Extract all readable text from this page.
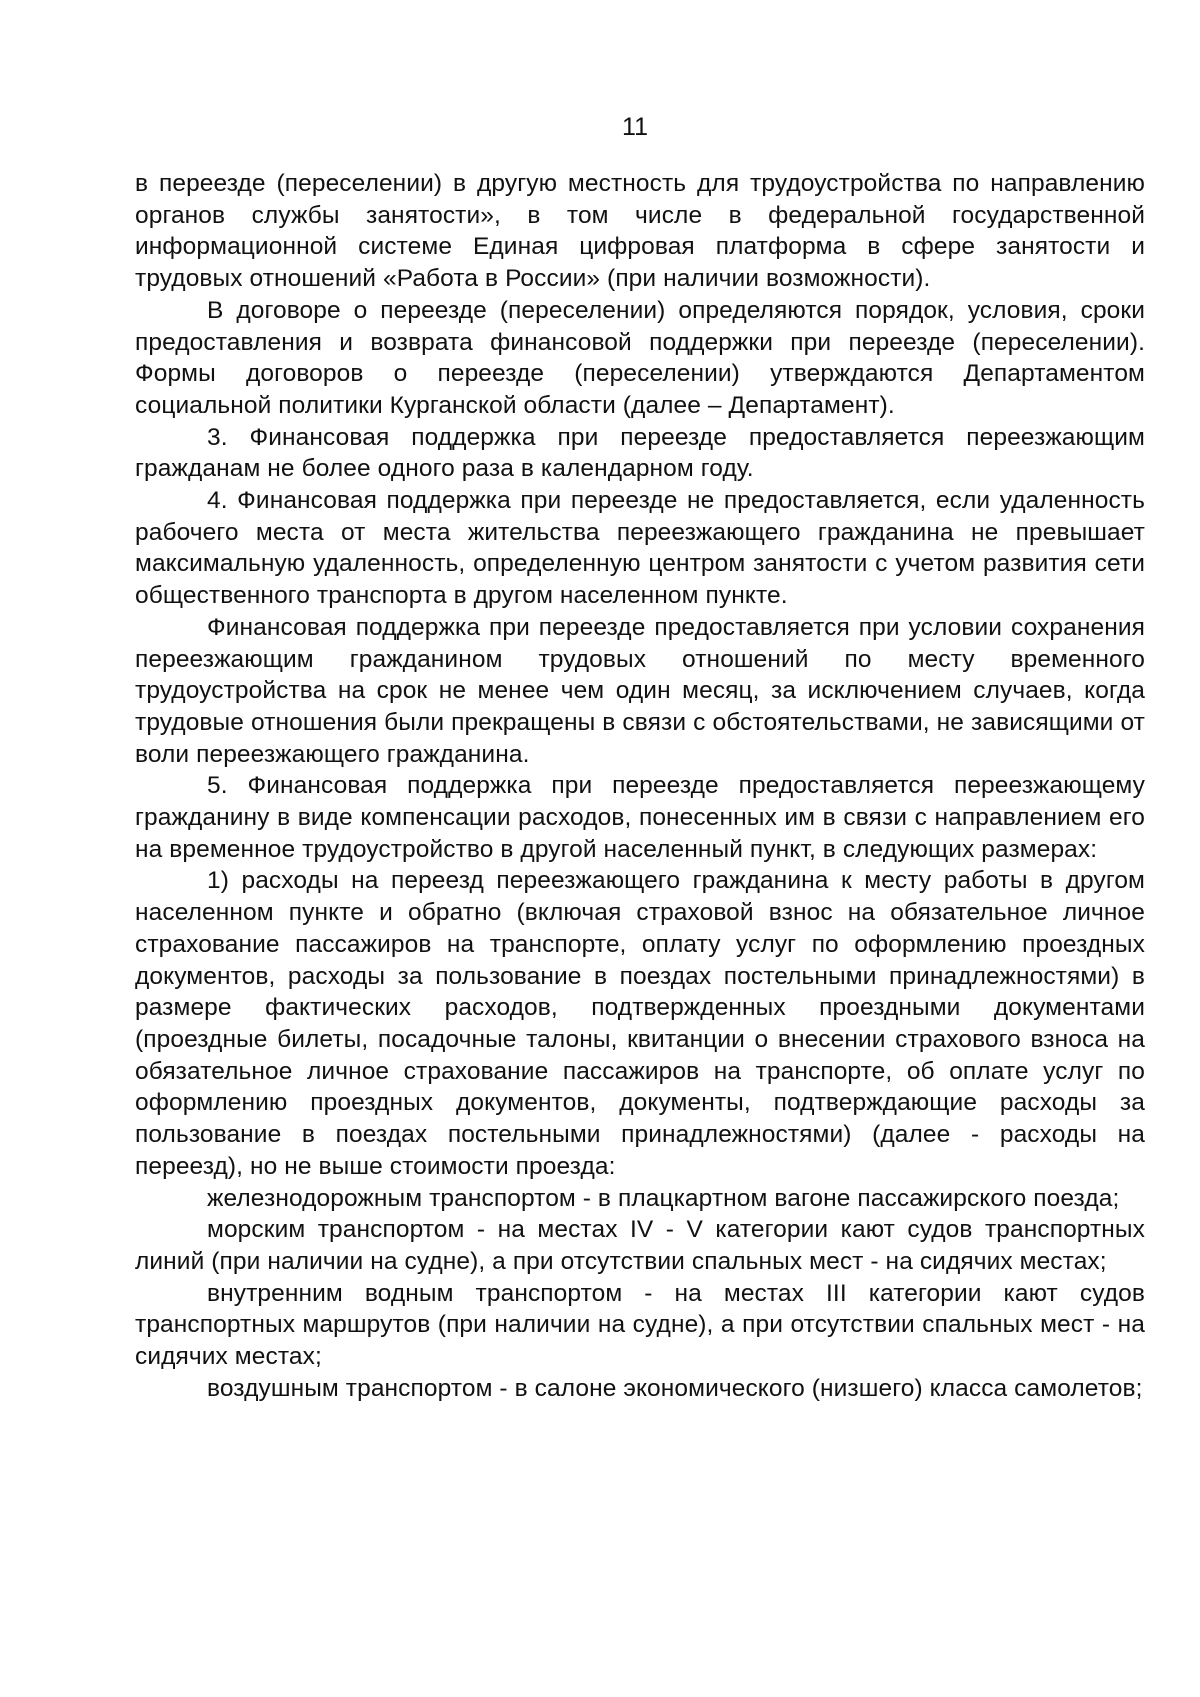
11

в переезде (переселении) в другую местность для трудоустройства по направлению органов службы занятости», в том числе в федеральной государственной информационной системе Единая цифровая платформа в сфере занятости и трудовых отношений «Работа в России» (при наличии возможности).

В договоре о переезде (переселении) определяются порядок, условия, сроки предоставления и возврата финансовой поддержки при переезде (переселении). Формы договоров о переезде (переселении) утверждаются Департаментом социальной политики Курганской области (далее – Департамент).

3. Финансовая поддержка при переезде предоставляется переезжающим гражданам не более одного раза в календарном году.

4. Финансовая поддержка при переезде не предоставляется, если удаленность рабочего места от места жительства переезжающего гражданина не превышает максимальную удаленность, определенную центром занятости с учетом развития сети общественного транспорта в другом населенном пункте.

Финансовая поддержка при переезде предоставляется при условии сохранения переезжающим гражданином трудовых отношений по месту временного трудоустройства на срок не менее чем один месяц, за исключением случаев, когда трудовые отношения были прекращены в связи с обстоятельствами, не зависящими от воли переезжающего гражданина.

5. Финансовая поддержка при переезде предоставляется переезжающему гражданину в виде компенсации расходов, понесенных им в связи с направлением его на временное трудоустройство в другой населенный пункт, в следующих размерах:

1) расходы на переезд переезжающего гражданина к месту работы в другом населенном пункте и обратно (включая страховой взнос на обязательное личное страхование пассажиров на транспорте, оплату услуг по оформлению проездных документов, расходы за пользование в поездах постельными принадлежностями) в размере фактических расходов, подтвержденных проездными документами (проездные билеты, посадочные талоны, квитанции о внесении страхового взноса на обязательное личное страхование пассажиров на транспорте, об оплате услуг по оформлению проездных документов, документы, подтверждающие расходы за пользование в поездах постельными принадлежностями) (далее - расходы на переезд), но не выше стоимости проезда:

железнодорожным транспортом - в плацкартном вагоне пассажирского поезда;

морским транспортом - на местах IV - V категории кают судов транспортных линий (при наличии на судне), а при отсутствии спальных мест - на сидячих местах;

внутренним водным транспортом - на местах III категории кают судов транспортных маршрутов (при наличии на судне), а при отсутствии спальных мест - на сидячих местах;

воздушным транспортом - в салоне экономического (низшего) класса самолетов;
